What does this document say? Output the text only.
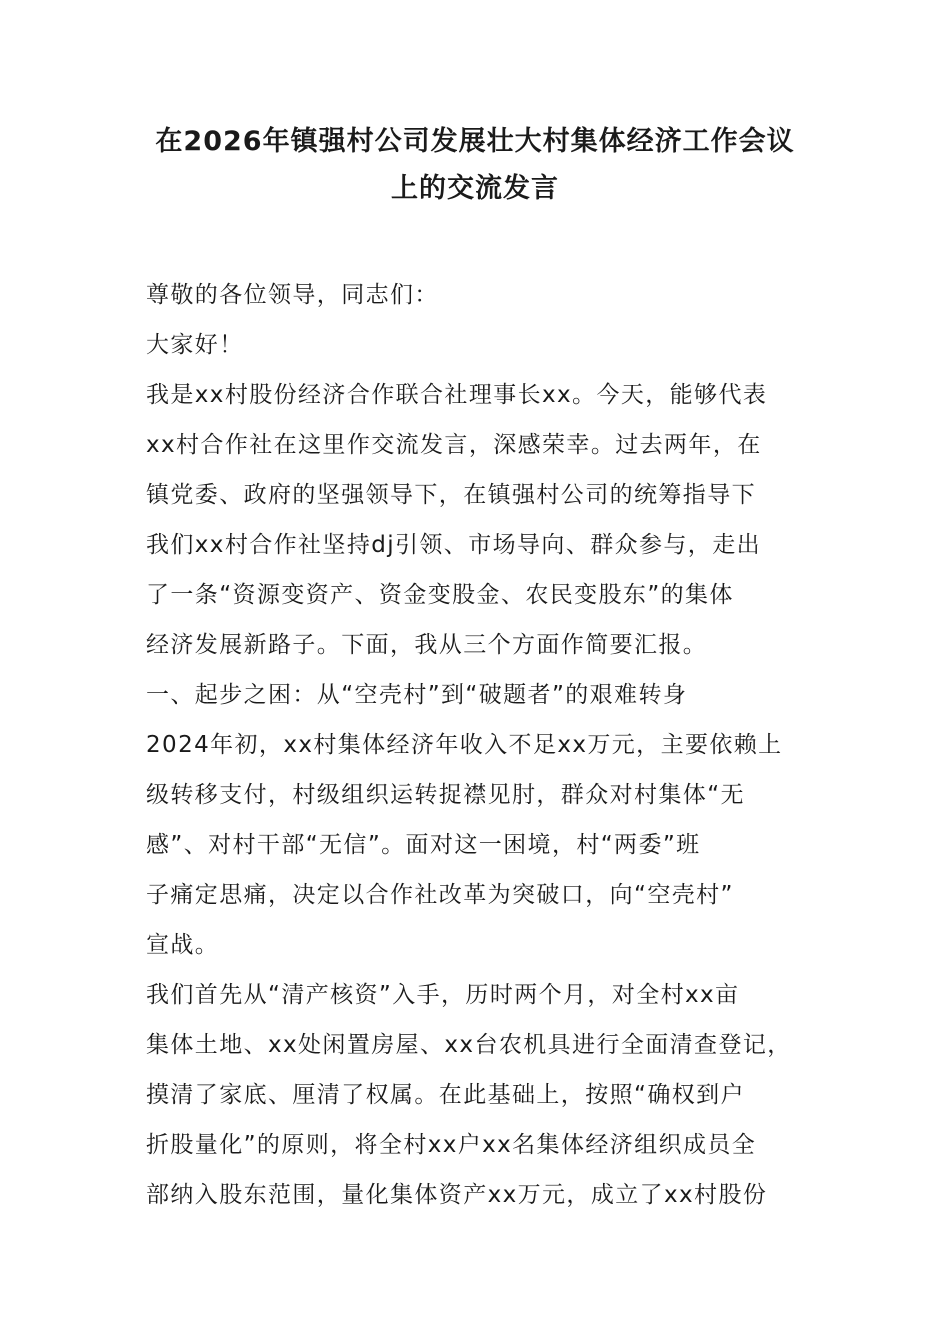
在2026年镇强村公司发展壮大村集体经济工作会议
上的交流发言
尊敬的各位领导，同志们：
大家好！
我是xx村股份经济合作联合社理事长xx。今天，能够代表
xx村合作社在这里作交流发言，深感荣幸。过去两年，在
镇党委、政府的坚强领导下，在镇强村公司的统筹指导下
我们xx村合作社坚持dj引领、市场导向、群众参与，走出
了一条“资源变资产、资金变股金、农民变股东”的集体
经济发展新路子。下面，我从三个方面作简要汇报。
一、起步之困：从“空壳村”到“破题者”的艰难转身
2024年初，xx村集体经济年收入不足xx万元，主要依赖上
级转移支付，村级组织运转捉襟见肘，群众对村集体“无
感”、对村干部“无信”。面对这一困境，村“两委”班
子痛定思痛，决定以合作社改革为突破口，向“空壳村”
宣战。
我们首先从“清产核资”入手，历时两个月，对全村xx亩
集体土地、xx处闲置房屋、xx台农机具进行全面清查登记，
摸清了家底、厘清了权属。在此基础上，按照“确权到户
折股量化”的原则，将全村xx户xx名集体经济组织成员全
部纳入股东范围，量化集体资产xx万元，成立了xx村股份
